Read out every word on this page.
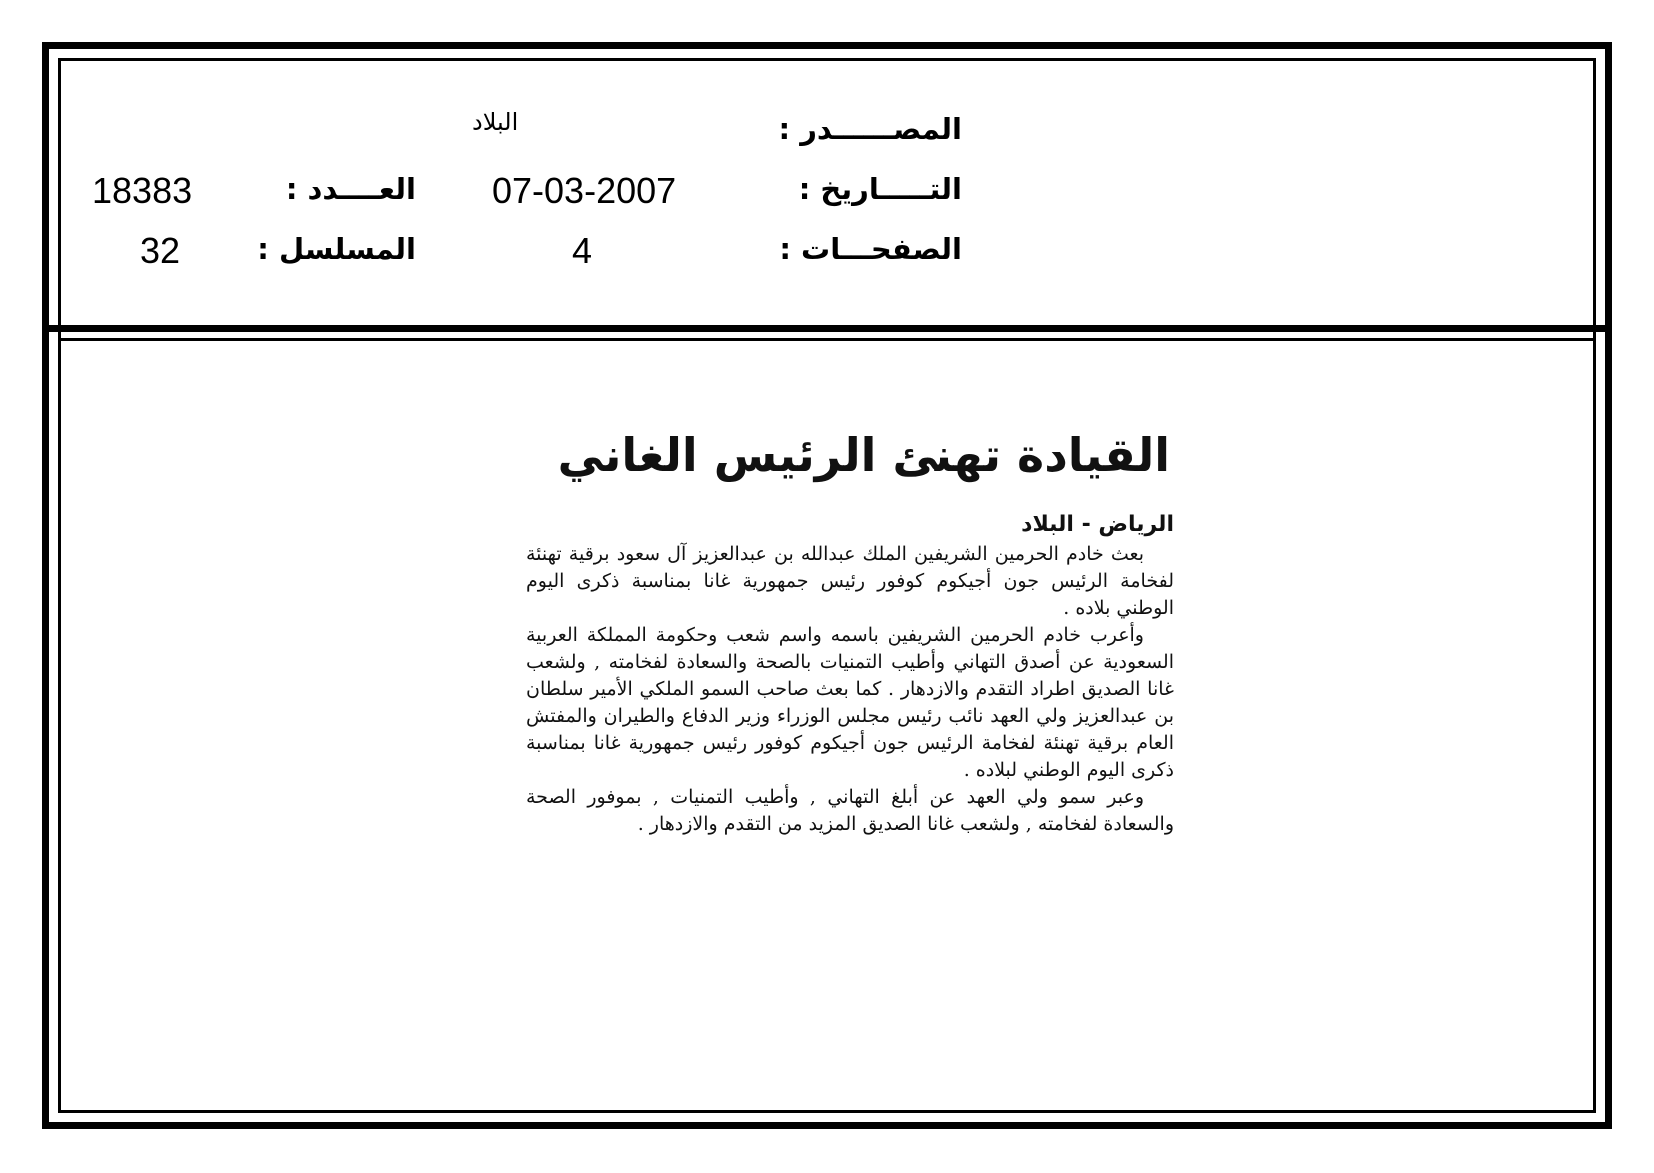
المصــــــدر :
البلاد
التـــــاريخ :
07-03-2007
العــــدد :
18383
الصفحـــات :
4
المسلسل :
32
القيادة تهنئ الرئيس الغاني
الرياض - البلاد

بعث خادم الحرمين الشريفين الملك عبدالله بن عبدالعزيز آل سعود برقية تهنئة لفخامة الرئيس جون أجيكوم كوفور رئيس جمهورية غانا بمناسبة ذكرى اليوم الوطني بلاده .

وأعرب خادم الحرمين الشريفين باسمه واسم شعب وحكومة المملكة العربية السعودية عن أصدق التهاني وأطيب التمنيات بالصحة والسعادة لفخامته , ولشعب غانا الصديق اطراد التقدم والازدهار . كما بعث صاحب السمو الملكي الأمير سلطان بن عبدالعزيز ولي العهد نائب رئيس مجلس الوزراء وزير الدفاع والطيران والمفتش العام برقية تهنئة لفخامة الرئيس جون أجيكوم كوفور رئيس جمهورية غانا بمناسبة ذكرى اليوم الوطني لبلاده .

وعبر سمو ولي العهد عن أبلغ التهاني , وأطيب التمنيات , بموفور الصحة والسعادة لفخامته , ولشعب غانا الصديق المزيد من التقدم والازدهار .
